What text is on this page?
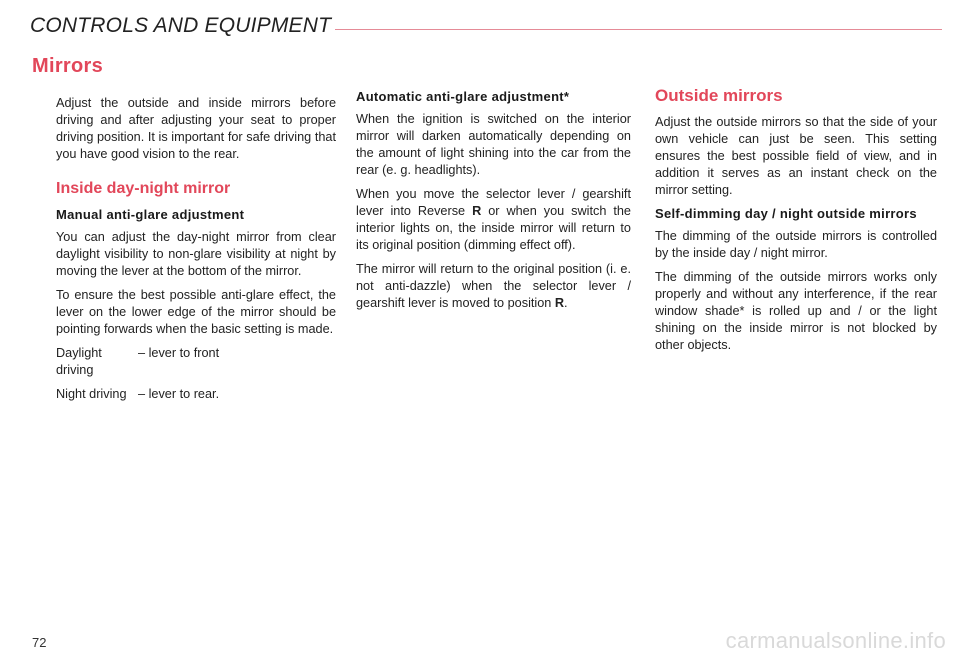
CONTROLS AND EQUIPMENT
Mirrors

Adjust the outside and inside mirrors before driving and after adjusting your seat to proper driving position. It is important for safe driving that you have good vision to the rear.

Inside day-night mirror
Manual anti-glare adjustment

You can adjust the day-night mirror from clear daylight visibility to non-glare visibility at night by moving the lever at the bottom of the mirror.

To ensure the best possible anti-glare effect, the lever on the lower edge of the mirror should be pointing forwards when the basic setting is made.

Daylight driving
– lever to front
Night driving – lever to rear.
Automatic anti-glare adjustment*

When the ignition is switched on the interior mirror will darken automatically depending on the amount of light shining into the car from the rear (e. g. headlights).

When you move the selector lever / gearshift lever into Reverse R or when you switch the interior lights on, the inside mirror will return to its original position (dimming effect off).

The mirror will return to the original position (i. e. not anti-dazzle) when the selector lever / gearshift lever is moved to position R.

Outside mirrors

Adjust the outside mirrors so that the side of your own vehicle can just be seen. This setting ensures the best possible field of view, and in addition it serves as an instant check on the mirror setting.

Self-dimming day / night outside mirrors

The dimming of the outside mirrors is controlled by the inside day / night mirror.

The dimming of the outside mirrors works only properly and without any interference, if the rear window shade* is rolled up and / or the light shining on the inside mirror is not blocked by other objects.

72	carmanualsonline.info
